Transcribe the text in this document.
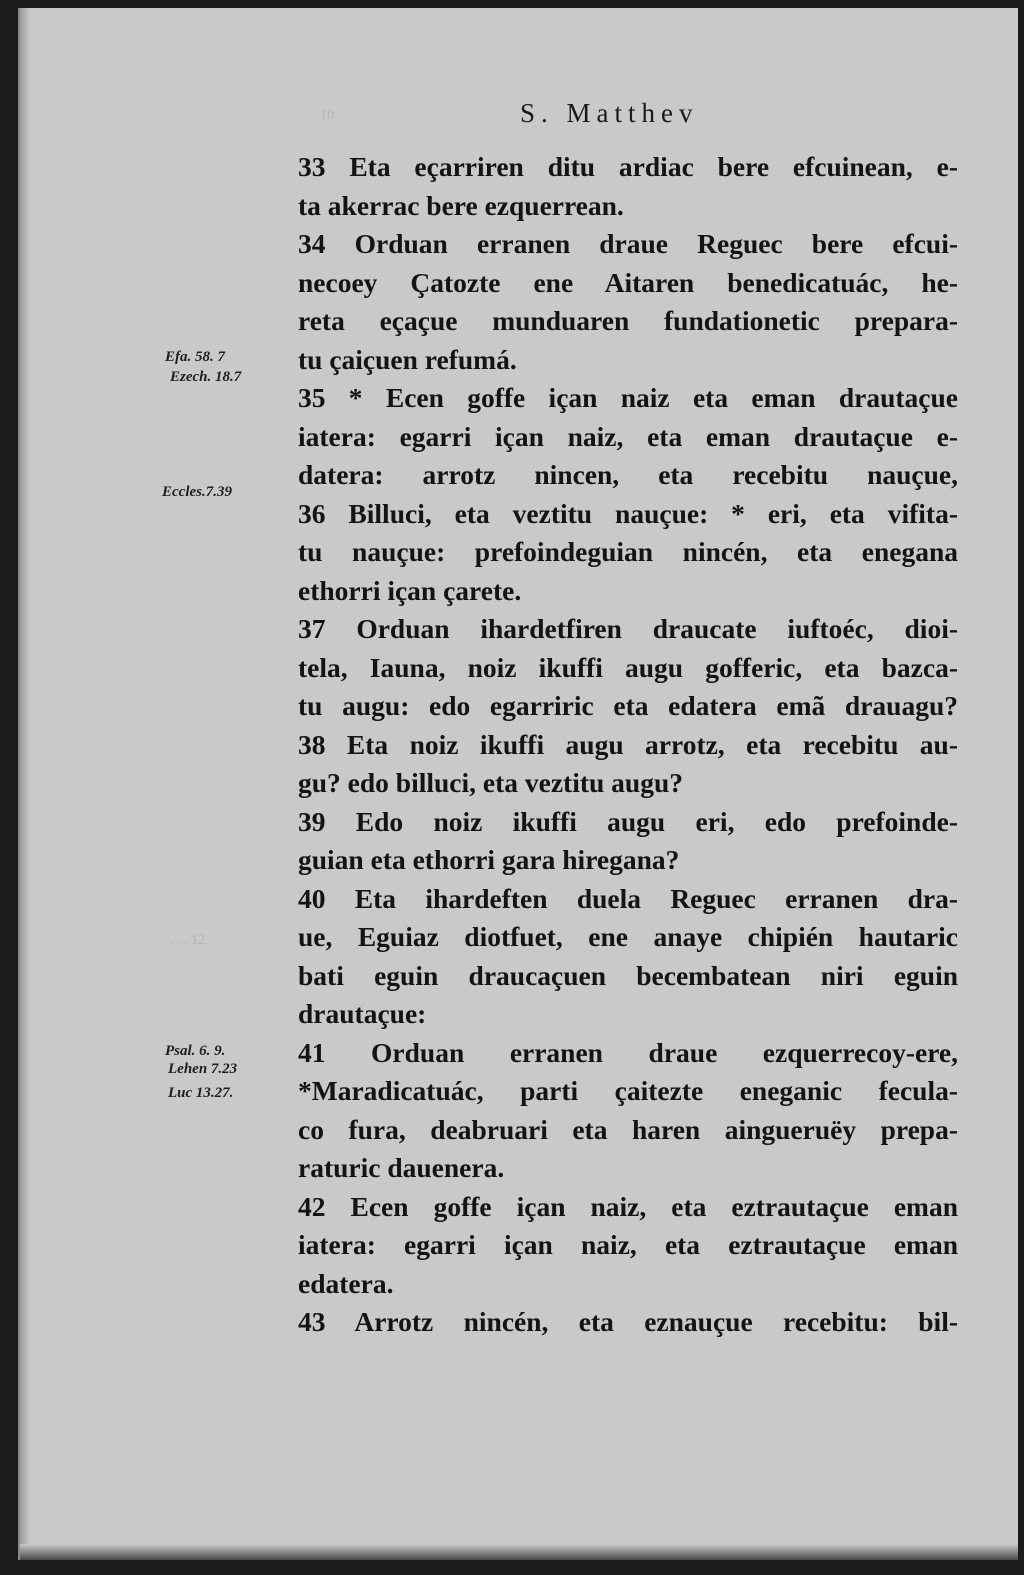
10
. . . 12
S. Matthev
Efa. 58. 7
Ezech. 18.7
Eccles.7.39
Psal. 6. 9.
Lehen 7.23
Luc 13.27.
33 Eta eçarriren ditu ardiac bere efcuinean, e-
ta akerrac bere ezquerrean.
34 Orduan erranen draue Reguec bere efcui-
necoey Çatozte ene Aitaren benedicatuác, he-
reta eçaçue munduaren fundationetic prepara-
tu çaiçuen refumá.
35 * Ecen goffe içan naiz eta eman drautaçue
iatera: egarri içan naiz, eta eman drautaçue e-
datera: arrotz nincen, eta recebitu nauçue,
36 Billuci, eta veztitu nauçue: * eri, eta vifita-
tu nauçue: prefoindeguian nincén, eta enegana
ethorri içan çarete.
37 Orduan ihardetfiren draucate iuftoéc, dioi-
tela, Iauna, noiz ikuffi augu gofferic, eta bazca-
tu augu: edo egarriric eta edatera emã drauagu?
38 Eta noiz ikuffi augu arrotz, eta recebitu au-
gu? edo billuci, eta veztitu augu?
39 Edo noiz ikuffi augu eri, edo prefoinde-
guian eta ethorri gara hiregana?
40 Eta ihardeften duela Reguec erranen dra-
ue, Eguiaz diotfuet, ene anaye chipién hautaric
bati eguin draucaçuen becembatean niri eguin
drautaçue:
41 Orduan erranen draue ezquerrecoy-ere,
*Maradicatuác, parti çaitezte eneganic fecula-
co fura, deabruari eta haren aingueruëy prepa-
raturic dauenera.
42 Ecen goffe içan naiz, eta eztrautaçue eman
iatera: egarri içan naiz, eta eztrautaçue eman
edatera.
43 Arrotz nincén, eta eznauçue recebitu: bil-
